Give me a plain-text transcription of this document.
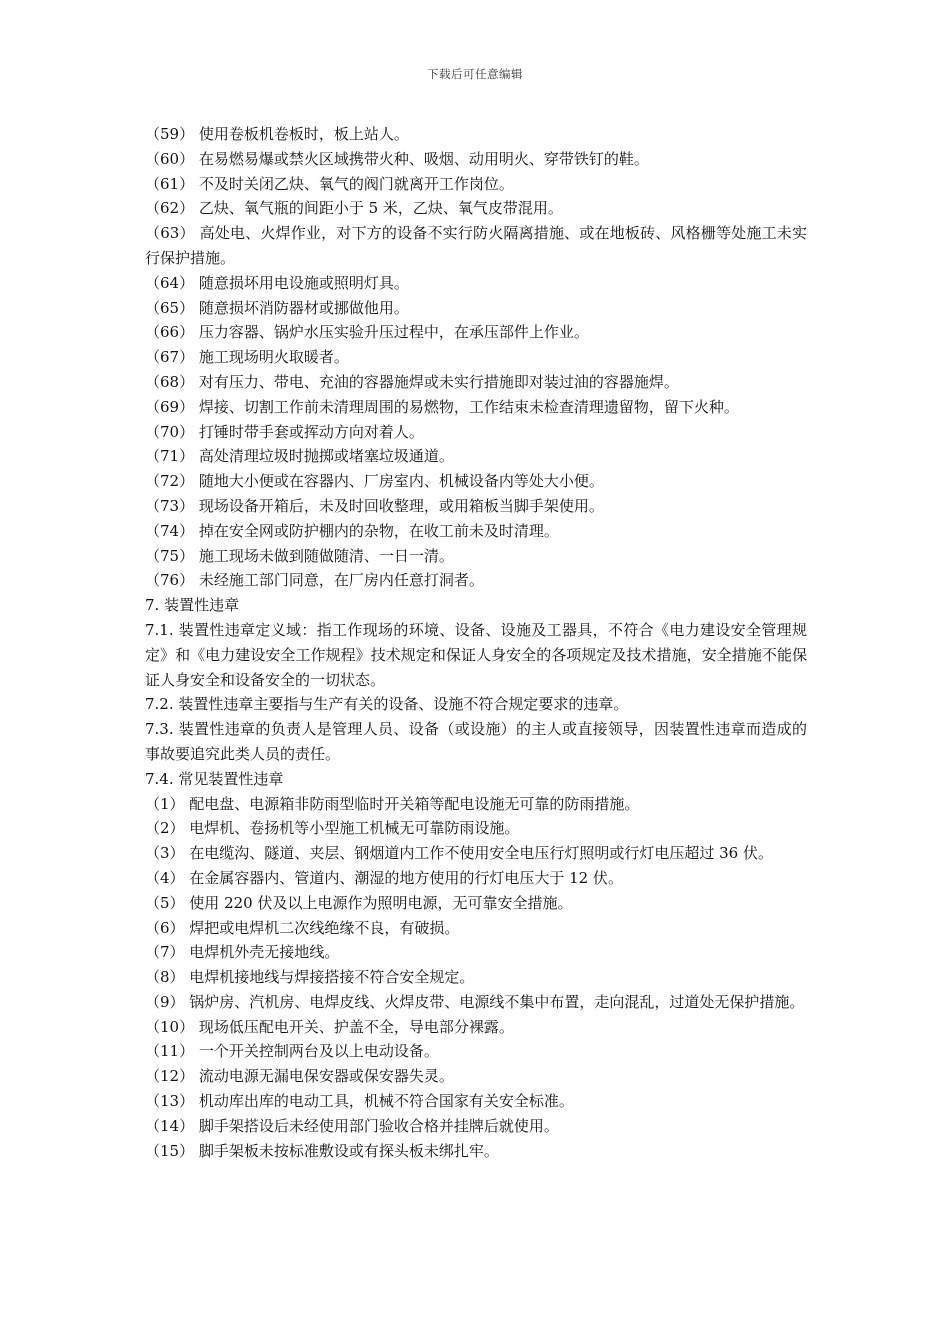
下载后可任意编辑

（59） 使用卷板机卷板时，板上站人。

（60） 在易燃易爆或禁火区域携带火种、吸烟、动用明火、穿带铁钉的鞋。

（61） 不及时关闭乙炔、氧气的阀门就离开工作岗位。

（62） 乙炔、氧气瓶的间距小于 5 米，乙炔、氧气皮带混用。

（63） 高处电、火焊作业，对下方的设备不实行防火隔离措施、或在地板砖、风格栅等处施工未实行保护措施。

（64） 随意损坏用电设施或照明灯具。

（65） 随意损坏消防器材或挪做他用。

（66） 压力容器、锅炉水压实验升压过程中，在承压部件上作业。

（67） 施工现场明火取暖者。

（68） 对有压力、带电、充油的容器施焊或未实行措施即对装过油的容器施焊。

（69） 焊接、切割工作前未清理周围的易燃物，工作结束未检查清理遗留物，留下火种。

（70） 打锤时带手套或挥动方向对着人。

（71） 高处清理垃圾时抛掷或堵塞垃圾通道。

（72） 随地大小便或在容器内、厂房室内、机械设备内等处大小便。

（73） 现场设备开箱后，未及时回收整理，或用箱板当脚手架使用。

（74） 掉在安全网或防护棚内的杂物，在收工前未及时清理。

（75） 施工现场未做到随做随清、一日一清。

（76） 未经施工部门同意，在厂房内任意打洞者。

7. 装置性违章

7.1. 装置性违章定义域：指工作现场的环境、设备、设施及工器具，不符合《电力建设安全管理规定》和《电力建设安全工作规程》技术规定和保证人身安全的各项规定及技术措施，安全措施不能保证人身安全和设备安全的一切状态。

7.2. 装置性违章主要指与生产有关的设备、设施不符合规定要求的违章。

7.3. 装置性违章的负责人是管理人员、设备（或设施）的主人或直接领导，因装置性违章而造成的事故要追究此类人员的责任。

7.4. 常见装置性违章

（1） 配电盘、电源箱非防雨型临时开关箱等配电设施无可靠的防雨措施。

（2） 电焊机、卷扬机等小型施工机械无可靠防雨设施。

（3） 在电缆沟、隧道、夹层、钢烟道内工作不使用安全电压行灯照明或行灯电压超过 36 伏。

（4） 在金属容器内、管道内、潮湿的地方使用的行灯电压大于 12 伏。

（5） 使用 220 伏及以上电源作为照明电源，无可靠安全措施。

（6） 焊把或电焊机二次线绝缘不良，有破损。

（7） 电焊机外壳无接地线。

（8） 电焊机接地线与焊接搭接不符合安全规定。

（9） 锅炉房、汽机房、电焊皮线、火焊皮带、电源线不集中布置，走向混乱，过道处无保护措施。

（10） 现场低压配电开关、护盖不全，导电部分裸露。

（11） 一个开关控制两台及以上电动设备。

（12） 流动电源无漏电保安器或保安器失灵。

（13） 机动库出库的电动工具，机械不符合国家有关安全标准。

（14） 脚手架搭设后未经使用部门验收合格并挂牌后就使用。

（15） 脚手架板未按标准敷设或有探头板未绑扎牢。
